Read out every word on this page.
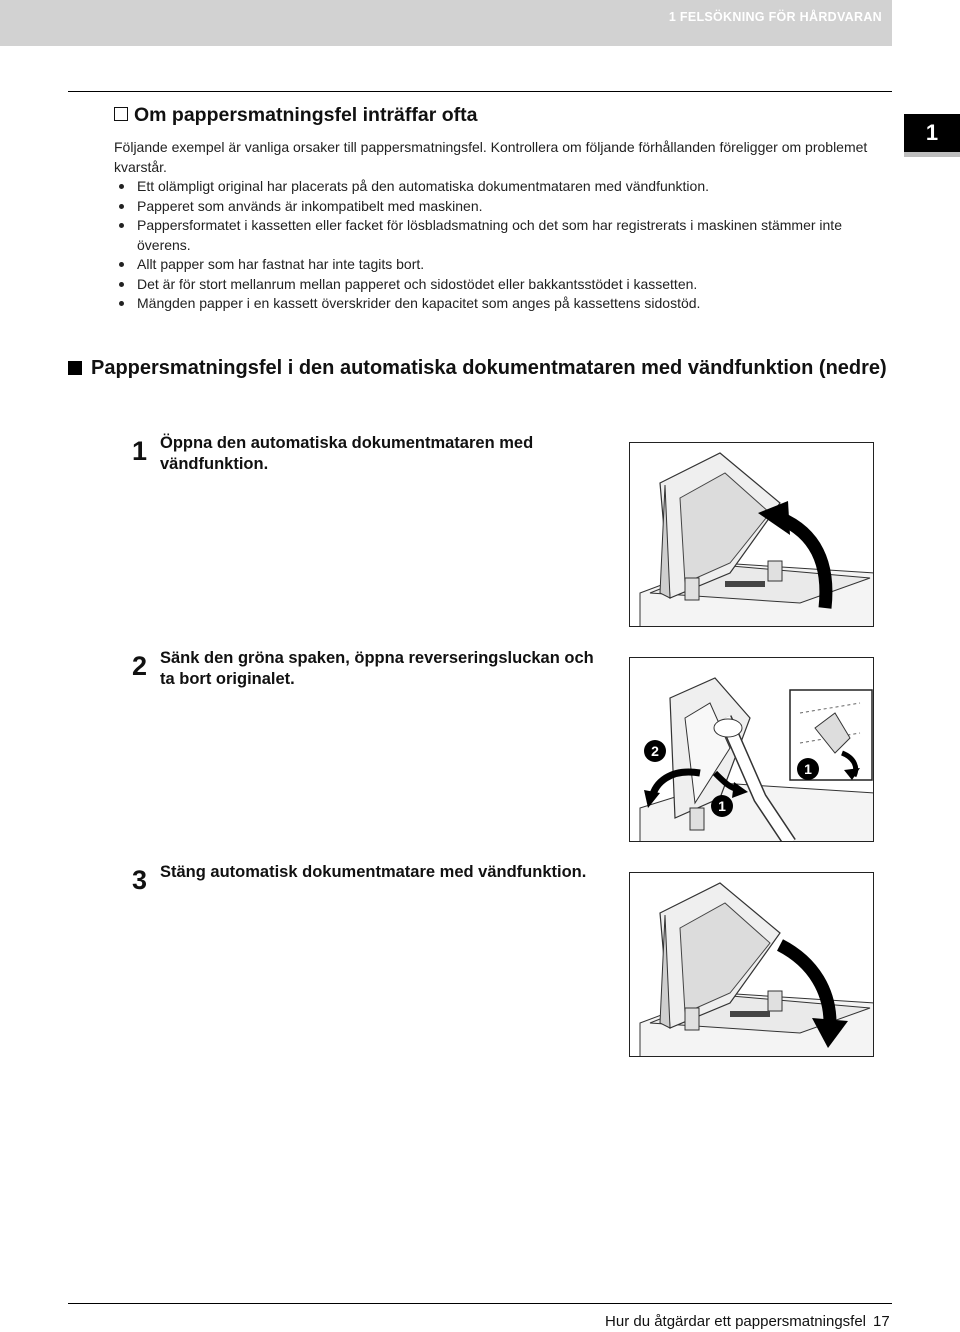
1 FELSÖKNING FÖR HÅRDVARAN
1
Om pappersmatningsfel inträffar ofta
Följande exempel är vanliga orsaker till pappersmatningsfel. Kontrollera om följande förhållanden föreligger om problemet kvarstår.
Ett olämpligt original har placerats på den automatiska dokumentmataren med vändfunktion.
Papperet som används är inkompatibelt med maskinen.
Pappersformatet i kassetten eller facket för lösbladsmatning och det som har registrerats i maskinen stämmer inte överens.
Allt papper som har fastnat har inte tagits bort.
Det är för stort mellanrum mellan papperet och sidostödet eller bakkantsstödet i kassetten.
Mängden papper i en kassett överskrider den kapacitet som anges på kassettens sidostöd.
Pappersmatningsfel i den automatiska dokumentmataren med vändfunktion (nedre)
1 Öppna den automatiska dokumentmataren med vändfunktion.
2 Sänk den gröna spaken, öppna reverseringsluckan och ta bort originalet.
2
1
1
3 Stäng automatisk dokumentmatare med vändfunktion.
Hur du åtgärdar ett pappersmatningsfel 17
